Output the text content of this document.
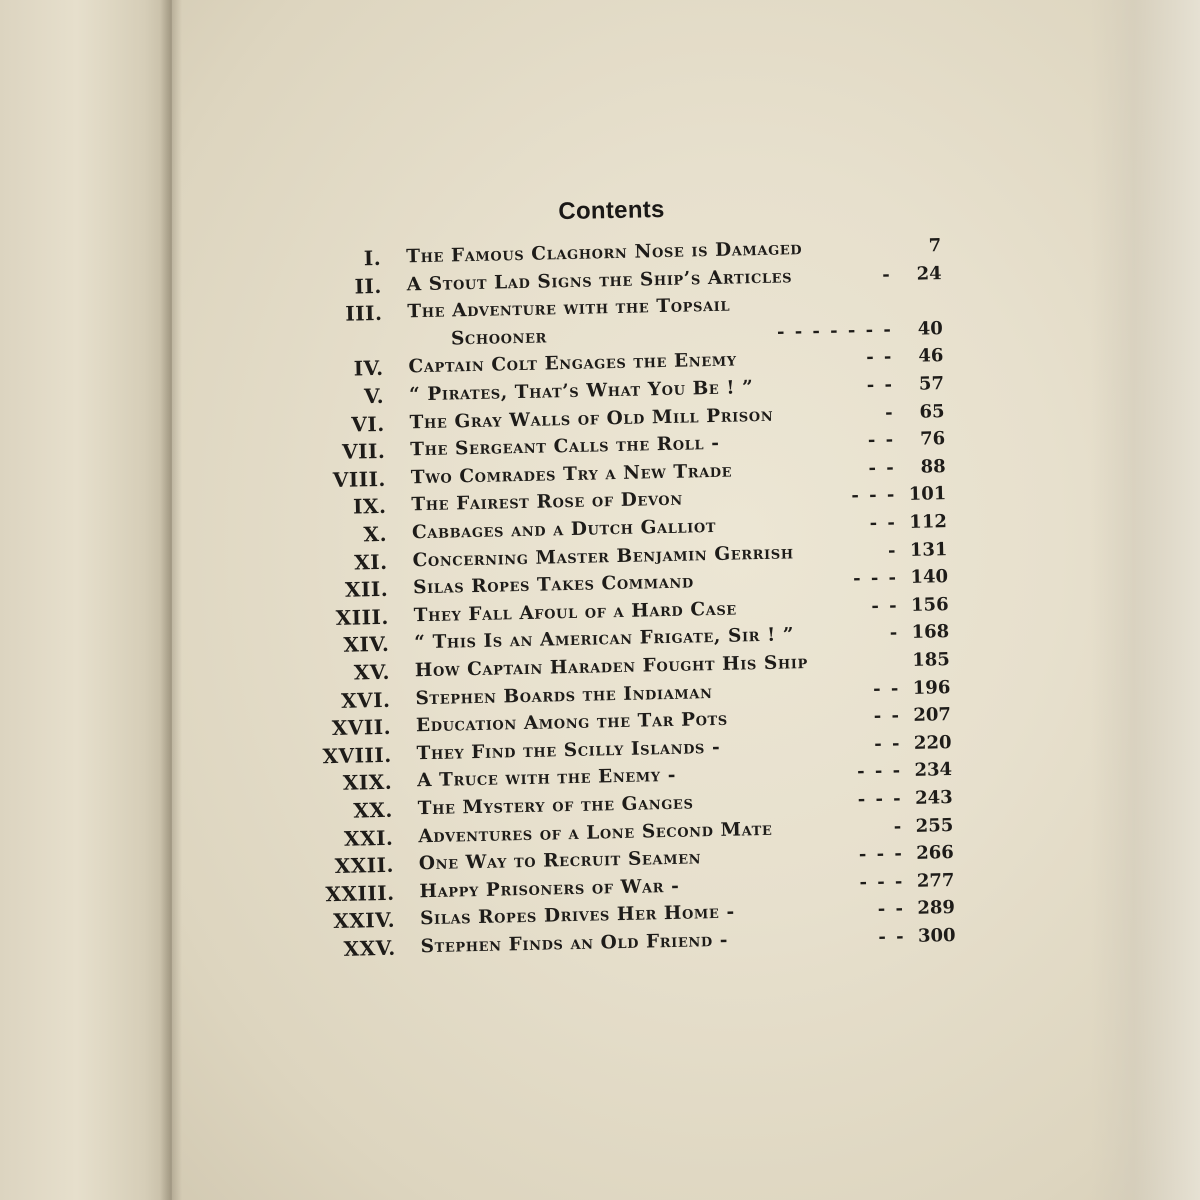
Contents
I. The Famous Claghorn Nose is Damaged	7
II. A Stout Lad Signs the Ship’s Articles	- 24
III. The Adventure with the Topsail
Schooner	- - - - - - - 40
IV. Captain Colt Engages the Enemy	- - 46
V. “ Pirates, That’s What You Be ! ”	- - 57
VI. The Gray Walls of Old Mill Prison	- 65
VII. The Sergeant Calls the Roll -	- - 76
VIII. Two Comrades Try a New Trade	- - 88
IX. The Fairest Rose of Devon	- - - 101
X. Cabbages and a Dutch Galliot	- - 112
XI. Concerning Master Benjamin Gerrish	- 131
XII. Silas Ropes Takes Command	- - - 140
XIII. They Fall Afoul of a Hard Case	- - 156
XIV. “ This Is an American Frigate, Sir ! ”	- 168
XV. How Captain Haraden Fought His Ship	185
XVI. Stephen Boards the Indiaman	- - 196
XVII. Education Among the Tar Pots	- - 207
XVIII. They Find the Scilly Islands -	- - 220
XIX. A Truce with the Enemy -	- - - 234
XX. The Mystery of the Ganges	- - - 243
XXI. Adventures of a Lone Second Mate	- 255
XXII. One Way to Recruit Seamen	- - - 266
XXIII. Happy Prisoners of War -	- - - 277
XXIV. Silas Ropes Drives Her Home -	- - 289
XXV. Stephen Finds an Old Friend -	- - 300
